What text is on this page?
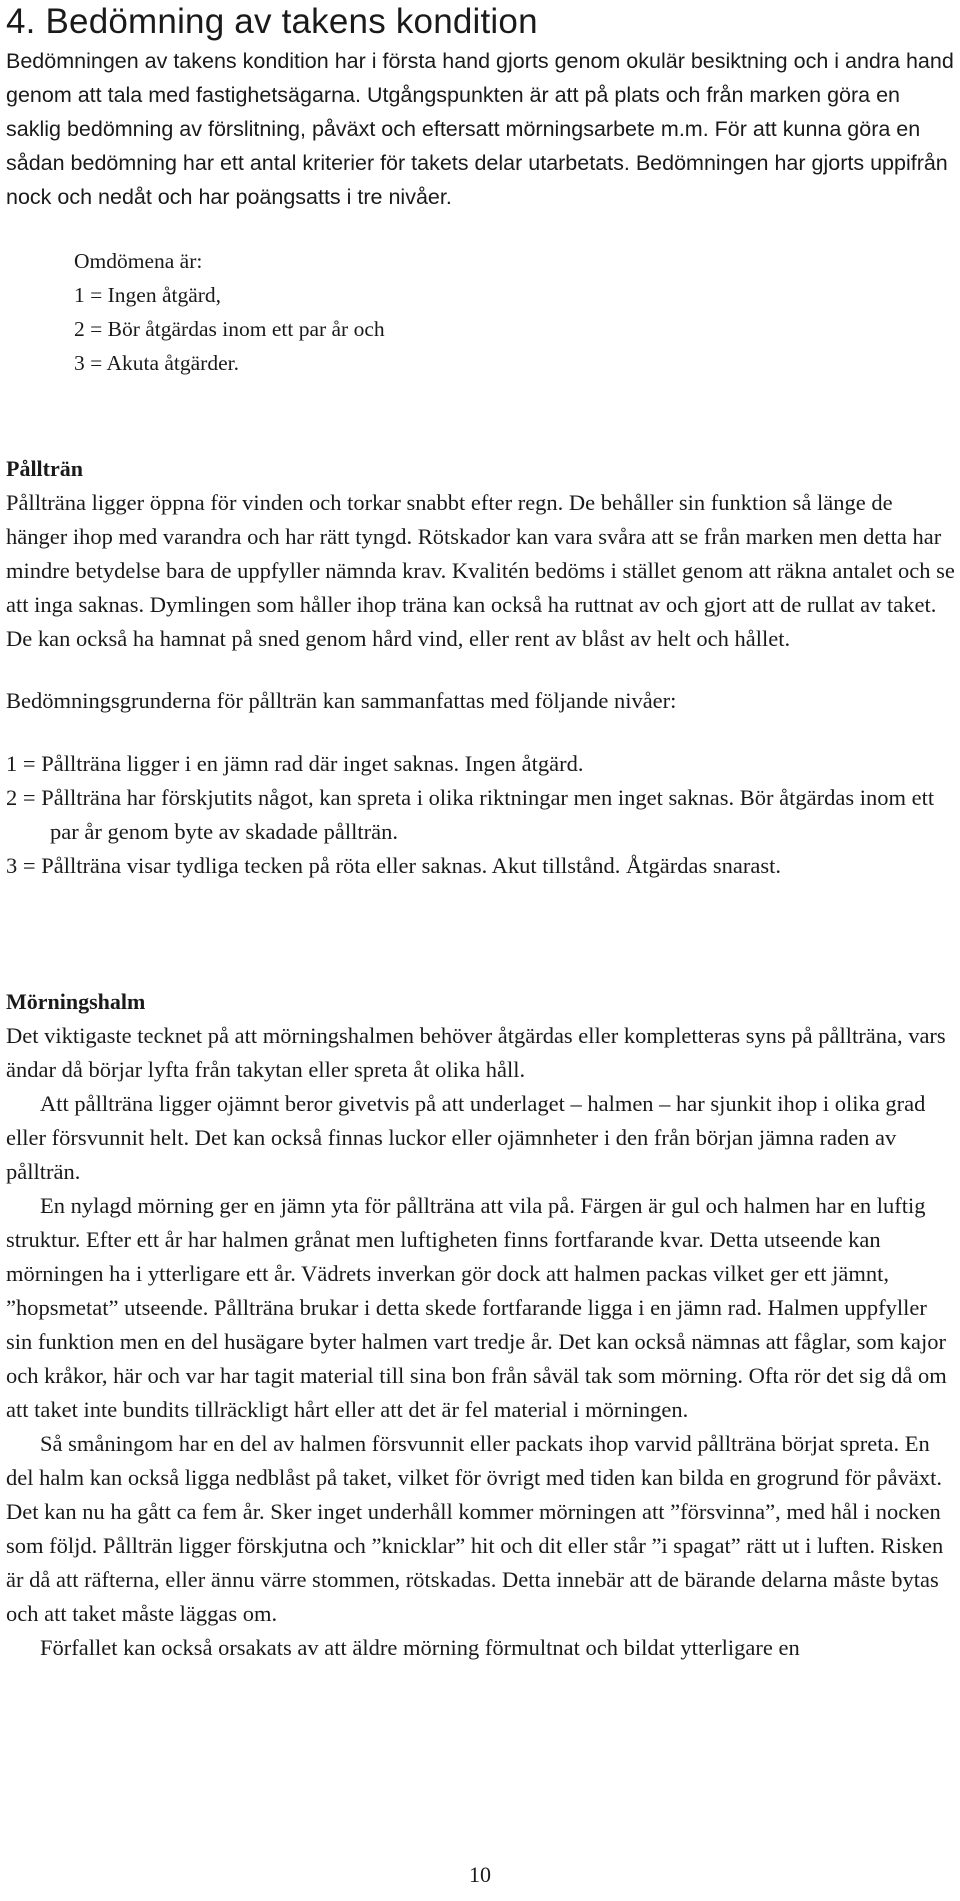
4. Bedömning av takens kondition

Bedömningen av takens kondition har i första hand gjorts genom okulär besiktning och i andra hand genom att tala med fastighetsägarna. Utgångspunkten är att på plats och från marken göra en saklig bedömning av förslitning, påväxt och eftersatt mörningsarbete m.m. För att kunna göra en sådan bedömning har ett antal kriterier för takets delar utarbetats. Bedömningen har gjorts uppifrån nock och nedåt och har poängsatts i tre nivåer.

Omdömena är:
1 = Ingen åtgärd,
2 = Bör åtgärdas inom ett par år och
3 = Akuta åtgärder.
Pållträn

Pållträna ligger öppna för vinden och torkar snabbt efter regn. De behåller sin funktion så länge de hänger ihop med varandra och har rätt tyngd. Rötskador kan vara svåra att se från marken men detta har mindre betydelse bara de uppfyller nämnda krav. Kvalitén bedöms i stället genom att räkna antalet och se att inga saknas. Dymlingen som håller ihop träna kan också ha ruttnat av och gjort att de rullat av taket. De kan också ha hamnat på sned genom hård vind, eller rent av blåst av helt och hållet.

Bedömningsgrunderna för pållträn kan sammanfattas med följande nivåer:

1 = Pållträna ligger i en jämn rad där inget saknas. Ingen åtgärd.
2 = Pållträna har förskjutits något, kan spreta i olika riktningar men inget saknas. Bör åtgärdas inom ett par år genom byte av skadade pållträn.
3 = Pållträna visar tydliga tecken på röta eller saknas. Akut tillstånd. Åtgärdas snarast.
Mörningshalm

Det viktigaste tecknet på att mörningshalmen behöver åtgärdas eller kompletteras syns på pållträna, vars ändar då börjar lyfta från takytan eller spreta åt olika håll.

Att pållträna ligger ojämnt beror givetvis på att underlaget – halmen – har sjunkit ihop i olika grad eller försvunnit helt. Det kan också finnas luckor eller ojämnheter i den från början jämna raden av pållträn.

En nylagd mörning ger en jämn yta för pållträna att vila på. Färgen är gul och halmen har en luftig struktur. Efter ett år har halmen grånat men luftigheten finns fortfarande kvar. Detta utseende kan mörningen ha i ytterligare ett år. Vädrets inverkan gör dock att halmen packas vilket ger ett jämnt, ”hopsmetat” utseende. Pållträna brukar i detta skede fortfarande ligga i en jämn rad. Halmen uppfyller sin funktion men en del husägare byter halmen vart tredje år. Det kan också nämnas att fåglar, som kajor och kråkor, här och var har tagit material till sina bon från såväl tak som mörning. Ofta rör det sig då om att taket inte bundits tillräckligt hårt eller att det är fel material i mörningen.

Så småningom har en del av halmen försvunnit eller packats ihop varvid pållträna börjat spreta. En del halm kan också ligga nedblåst på taket, vilket för övrigt med tiden kan bilda en grogrund för påväxt. Det kan nu ha gått ca fem år. Sker inget underhåll kommer mörningen att ”försvinna”, med hål i nocken som följd. Pållträn ligger förskjutna och ”knicklar” hit och dit eller står ”i spagat” rätt ut i luften. Risken är då att räfterna, eller ännu värre stommen, rötskadas. Detta innebär att de bärande delarna måste bytas och att taket måste läggas om.

Förfallet kan också orsakats av att äldre mörning förmultnat och bildat ytterligare en

10
